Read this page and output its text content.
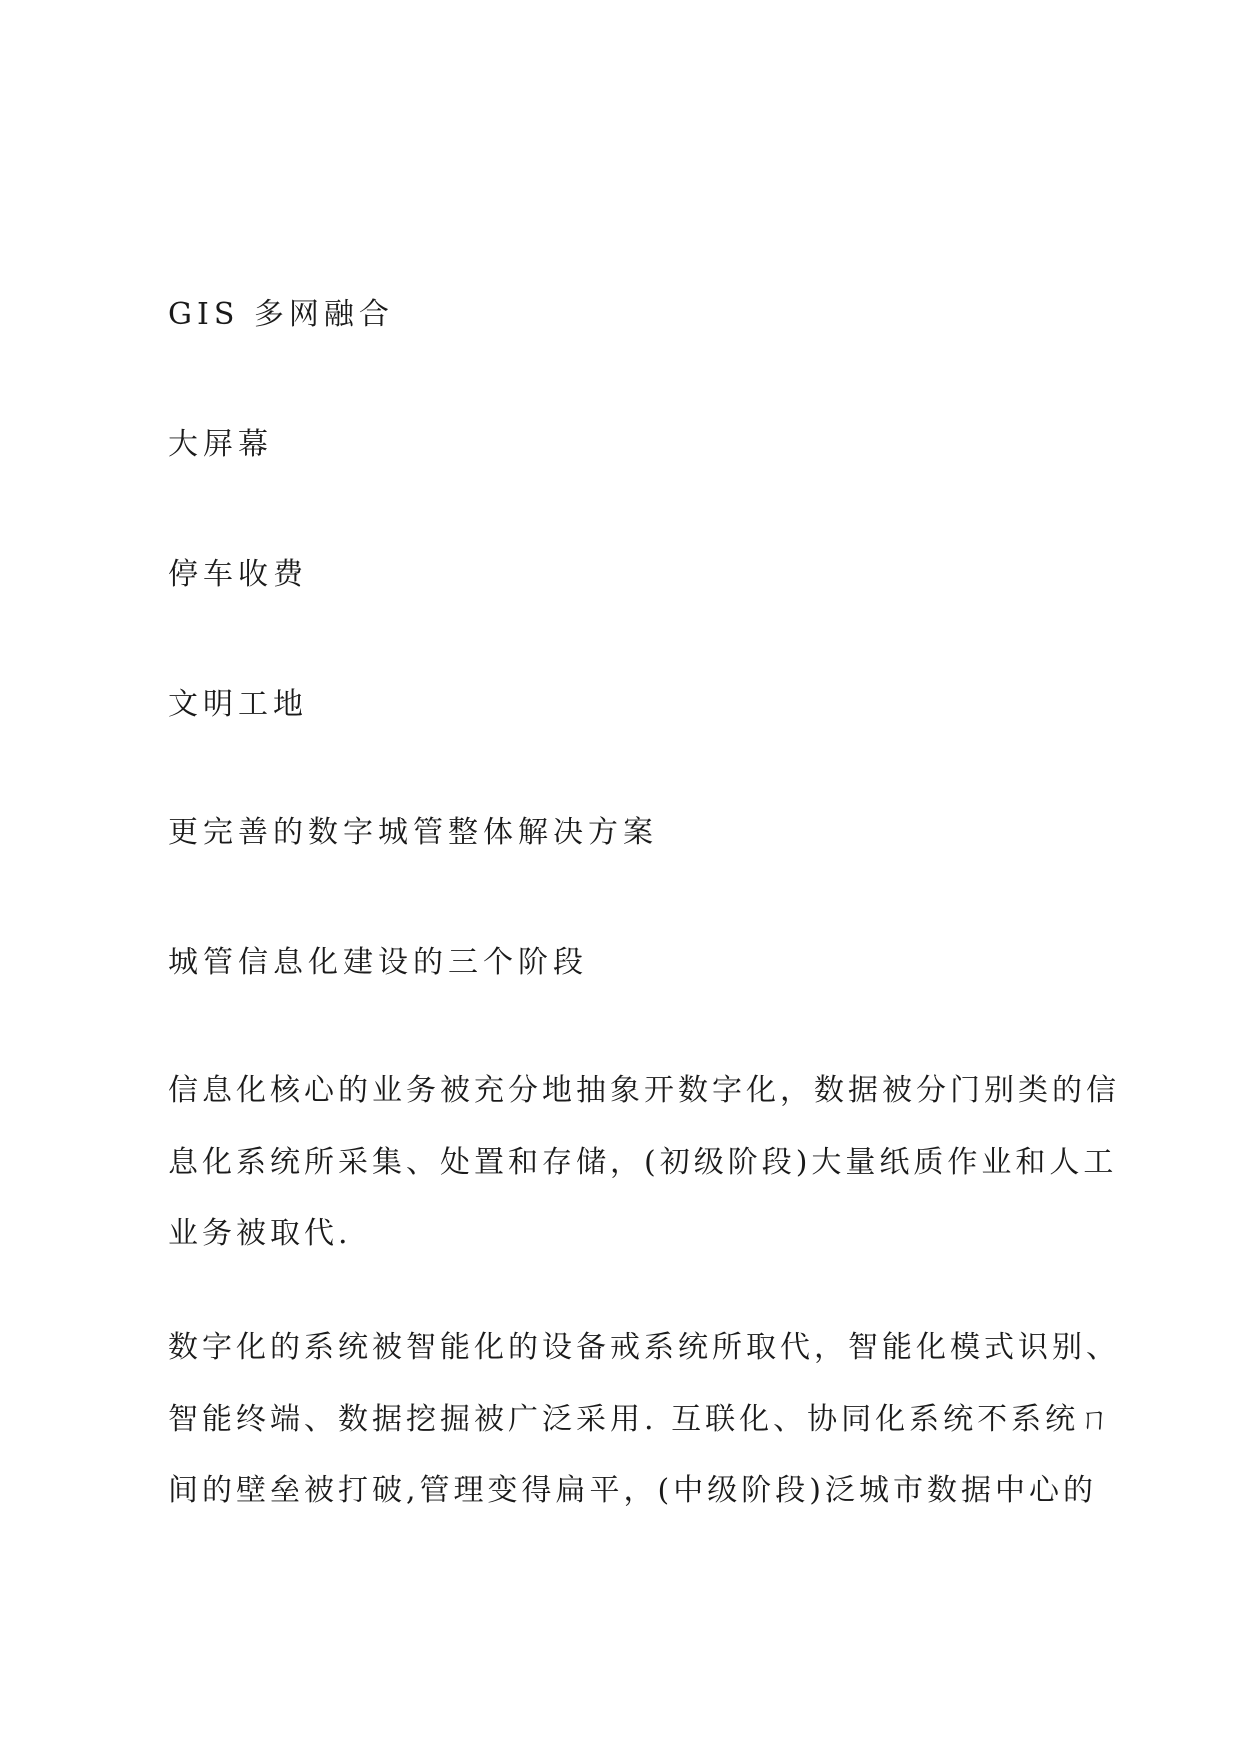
GIS 多网融合

大屏幕

停车收费

文明工地

更完善的数字城管整体解决方案

城管信息化建设的三个阶段

信息化核心的业务被充分地抽象开数字化，数据被分门别类的信

息化系统所采集、处置和存储，(初级阶段)大量纸质作业和人工

业务被取代.

数字化的系统被智能化的设备戒系统所取代，智能化模式识别、

智能终端、数据挖掘被广泛采用. 互联化、协同化系统不系统ㄇ

间的壁垒被打破,管理变得扁平，(中级阶段)泛城市数据中心的
